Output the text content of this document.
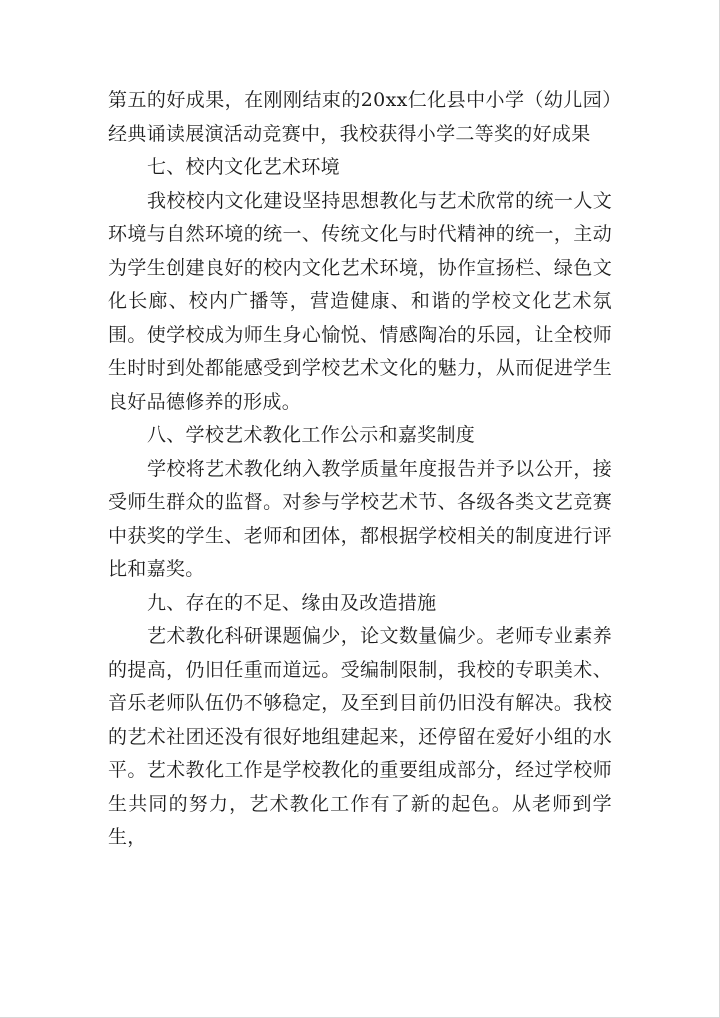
第五的好成果，在刚刚结束的20xx仁化县中小学（幼儿园）经典诵读展演活动竞赛中，我校获得小学二等奖的好成果

七、校内文化艺术环境

我校校内文化建设坚持思想教化与艺术欣常的统一人文环境与自然环境的统一、传统文化与时代精神的统一，主动为学生创建良好的校内文化艺术环境，协作宣扬栏、绿色文化长廊、校内广播等，营造健康、和谐的学校文化艺术氛围。使学校成为师生身心愉悦、情感陶冶的乐园，让全校师生时时到处都能感受到学校艺术文化的魅力，从而促进学生良好品德修养的形成。

八、学校艺术教化工作公示和嘉奖制度

学校将艺术教化纳入教学质量年度报告并予以公开，接受师生群众的监督。对参与学校艺术节、各级各类文艺竞赛中获奖的学生、老师和团体，都根据学校相关的制度进行评比和嘉奖。

九、存在的不足、缘由及改造措施

艺术教化科研课题偏少，论文数量偏少。老师专业素养的提高，仍旧任重而道远。受编制限制，我校的专职美术、音乐老师队伍仍不够稳定，及至到目前仍旧没有解决。我校的艺术社团还没有很好地组建起来，还停留在爱好小组的水平。艺术教化工作是学校教化的重要组成部分，经过学校师生共同的努力，艺术教化工作有了新的起色。从老师到学生，
